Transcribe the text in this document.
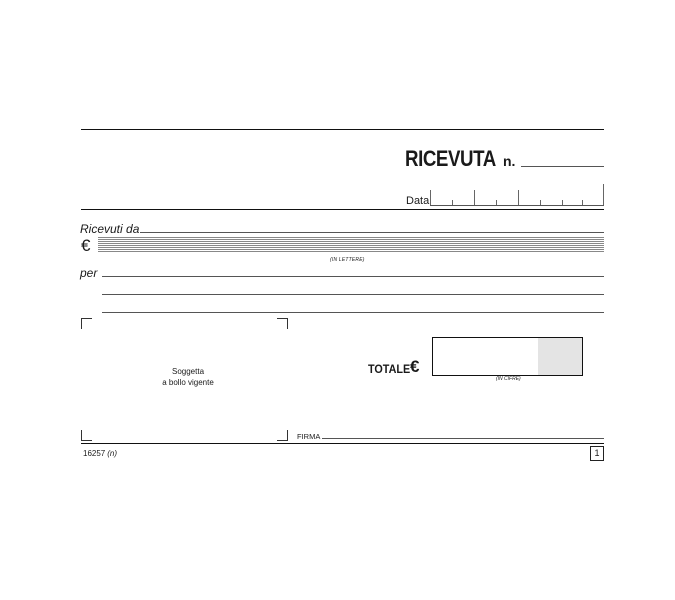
RICEVUTA n.
Data
Ricevuti da
€
(IN LETTERE)
per
Soggetta
a bollo vigente
TOTALE €
(IN CIFRE)
FIRMA
16257 (n)	1
